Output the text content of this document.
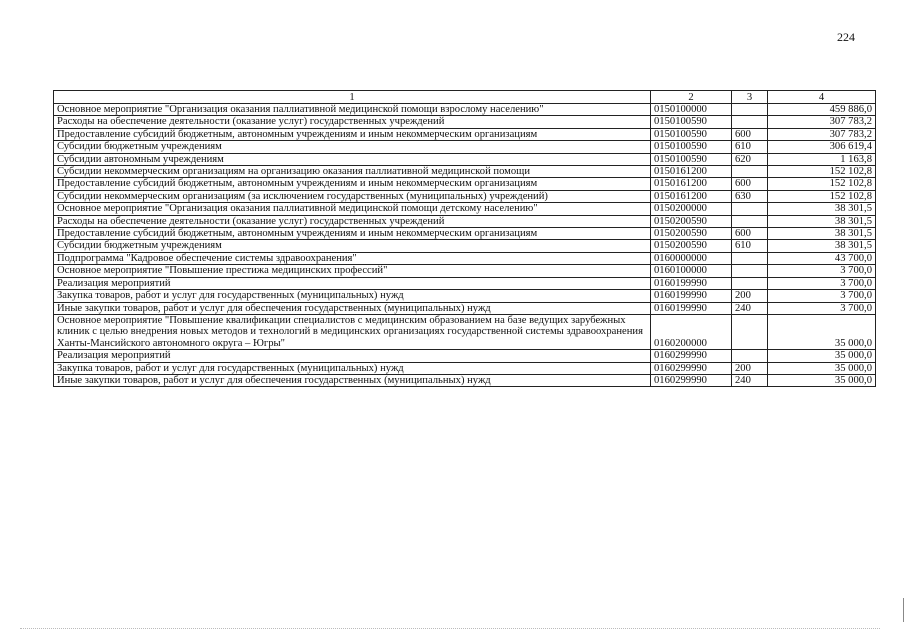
224
1	2	3	4
Основное мероприятие "Организация оказания паллиативной медицинской помощи взрослому населению"	0150100000		459 886,0
Расходы на обеспечение деятельности (оказание услуг) государственных учреждений	0150100590		307 783,2
Предоставление субсидий бюджетным, автономным учреждениям и иным некоммерческим организациям	0150100590	600	307 783,2
Субсидии бюджетным учреждениям	0150100590	610	306 619,4
Субсидии автономным учреждениям	0150100590	620	1 163,8
Субсидии некоммерческим организациям на организацию оказания паллиативной медицинской помощи	0150161200		152 102,8
Предоставление субсидий бюджетным, автономным учреждениям и иным некоммерческим организациям	0150161200	600	152 102,8
Субсидии некоммерческим организациям (за исключением государственных (муниципальных) учреждений)	0150161200	630	152 102,8
Основное мероприятие "Организация оказания паллиативной медицинской помощи детскому населению"	0150200000		38 301,5
Расходы на обеспечение деятельности (оказание услуг) государственных учреждений	0150200590		38 301,5
Предоставление субсидий бюджетным, автономным учреждениям и иным некоммерческим организациям	0150200590	600	38 301,5
Субсидии бюджетным учреждениям	0150200590	610	38 301,5
Подпрограмма "Кадровое обеспечение системы здравоохранения"	0160000000		43 700,0
Основное мероприятие "Повышение престижа медицинских профессий"	0160100000		3 700,0
Реализация мероприятий	0160199990		3 700,0
Закупка товаров, работ и услуг для государственных (муниципальных) нужд	0160199990	200	3 700,0
Иные закупки товаров, работ и услуг для обеспечения государственных (муниципальных) нужд	0160199990	240	3 700,0
Основное мероприятие "Повышение квалификации специалистов с медицинским образованием на базе ведущих зарубежных клиник с целью внедрения новых методов и технологий в медицинских организациях государственной системы здравоохранения Ханты-Мансийского автономного округа – Югры"	0160200000		35 000,0
Реализация мероприятий	0160299990		35 000,0
Закупка товаров, работ и услуг для государственных (муниципальных) нужд	0160299990	200	35 000,0
Иные закупки товаров, работ и услуг для обеспечения государственных (муниципальных) нужд	0160299990	240	35 000,0
